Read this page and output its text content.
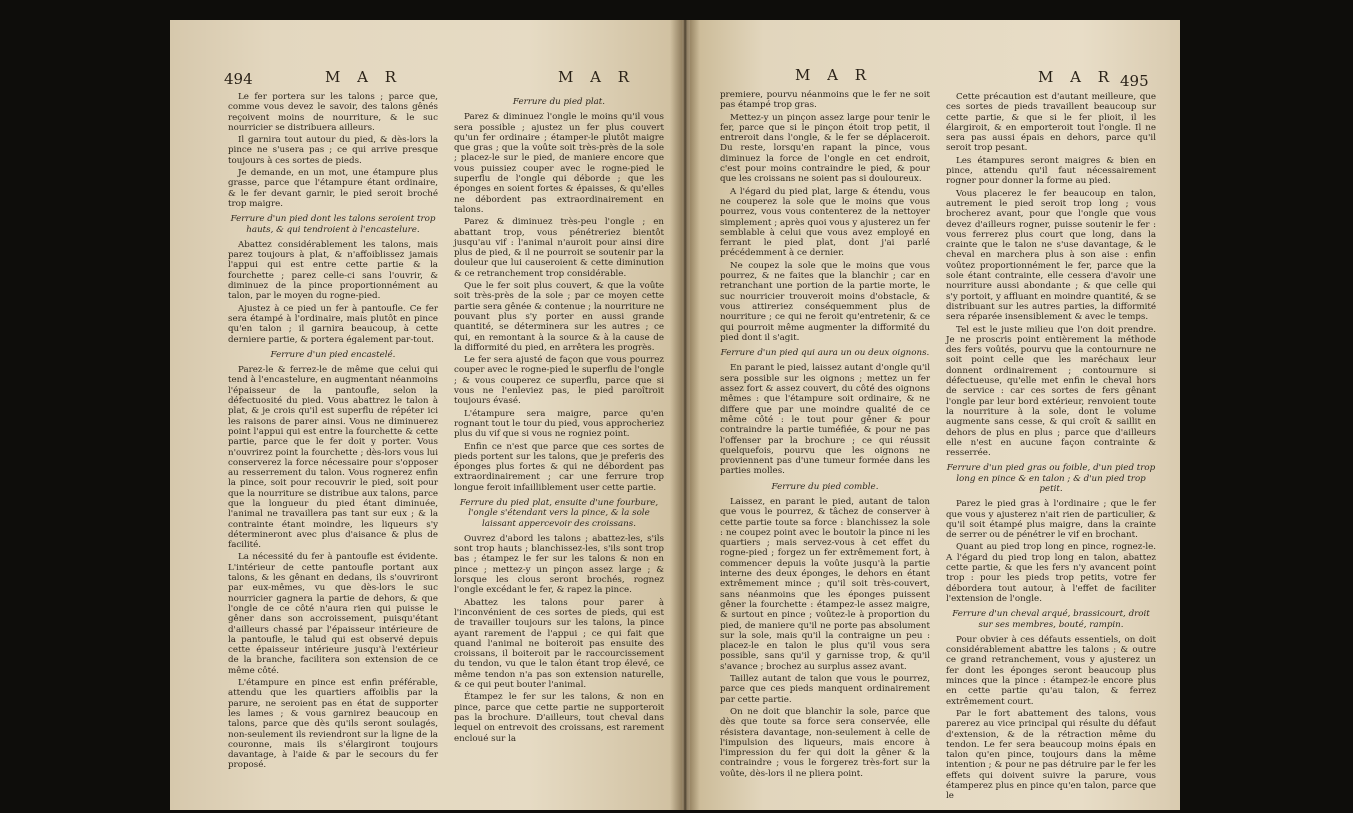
494	M A R	M A R

Le fer portera sur les talons ; parce que, comme vous devez le savoir, des talons gênés reçoivent moins de nourriture, & le suc nourricier se distribuera ailleurs.

Il garnira tout autour du pied, & dès-lors la pince ne s'usera pas ; ce qui arrive presque toujours à ces sortes de pieds.

Je demande, en un mot, une étampure plus grasse, parce que l'étampure étant ordinaire, & le fer devant garnir, le pied seroit broché trop maigre.

Ferrure d'un pied dont les talons seroient trop hauts, & qui tendroient à l'encastelure.

Abattez considérablement les talons, mais parez toujours à plat, & n'affoiblissez jamais l'appui qui est entre cette partie & la fourchette ; parez celle-ci sans l'ouvrir, & diminuez de la pince proportionnément au talon, par le moyen du rogne-pied.

Ajustez à ce pied un fer à pantoufle. Ce fer sera étampé à l'ordinaire, mais plutôt en pince qu'en talon ; il garnira beaucoup, à cette derniere partie, & portera également par-tout.

Ferrure d'un pied encastelé.

Parez-le & ferrez-le de même que celui qui tend à l'encastelure, en augmentant néanmoins l'épaisseur de la pantoufle, selon la défectuosité du pied. Vous abattrez le talon à plat, & je crois qu'il est superflu de répéter ici les raisons de parer ainsi. Vous ne diminuerez point l'appui qui est entre la fourchette & cette partie, parce que le fer doit y porter. Vous n'ouvrirez point la fourchette ; dès-lors vous lui conserverez la force nécessaire pour s'opposer au resserrement du talon. Vous rognerez enfin la pince, soit pour recouvrir le pied, soit pour que la nourriture se distribue aux talons, parce que la longueur du pied étant diminuée, l'animal ne travaillera pas tant sur eux ; & la contrainte étant moindre, les liqueurs s'y détermineront avec plus d'aisance & plus de facilité.

La nécessité du fer à pantoufle est évidente. L'intérieur de cette pantoufle portant aux talons, & les gênant en dedans, ils s'ouvriront par eux-mêmes, vu que dès-lors le suc nourricier gagnera la partie de dehors, & que l'ongle de ce côté n'aura rien qui puisse le gêner dans son accroissement, puisqu'étant d'ailleurs chassé par l'épaisseur intérieure de la pantoufle, le talud qui est observé depuis cette épaisseur intérieure jusqu'à l'extérieur de la branche, facilitera son extension de ce même côté.

L'étampure en pince est enfin préférable, attendu que les quartiers affoiblis par la parure, ne seroient pas en état de supporter les lames ; & vous garnirez beaucoup en talons, parce que dès qu'ils seront soulagés, non-seulement ils reviendront sur la ligne de la couronne, mais ils s'élargiront toujours davantage, à l'aide & par le secours du fer proposé.

Ferrure du pied plat.

Parez & diminuez l'ongle le moins qu'il vous sera possible ; ajustez un fer plus couvert qu'un fer ordinaire ; étamper-le plutôt maigre que gras ; que la voûte soit très-près de la sole ; placez-le sur le pied, de maniere encore que vous puissiez couper avec le rogne-pied le superflu de l'ongle qui déborde ; que les éponges en soient fortes & épaisses, & qu'elles ne débordent pas extraordinairement en talons.

Parez & diminuez très-peu l'ongle ; en abattant trop, vous pénétreriez bientôt jusqu'au vif : l'animal n'auroit pour ainsi dire plus de pied, & il ne pourroit se soutenir par la douleur que lui causeroient & cette diminution & ce retranchement trop considérable.

Que le fer soit plus couvert, & que la voûte soit très-près de la sole ; par ce moyen cette partie sera gênée & contenue ; la nourriture ne pouvant plus s'y porter en aussi grande quantité, se déterminera sur les autres ; ce qui, en remontant à la source & à la cause de la difformité du pied, en arrêtera les progrès.

Le fer sera ajusté de façon que vous pourrez couper avec le rogne-pied le superflu de l'ongle ; & vous couperez ce superflu, parce que si vous ne l'enleviez pas, le pied paroîtroit toujours évasé.

L'étampure sera maigre, parce qu'en rognant tout le tour du pied, vous approcheriez plus du vif que si vous ne rogniez point.

Enfin ce n'est que parce que ces sortes de pieds portent sur les talons, que je preferis des éponges plus fortes & qui ne débordent pas extraordinairement ; car une ferrure trop longue feroit infailliblement user cette partie.

Ferrure du pied plat, ensuite d'une fourbure, l'ongle s'étendant vers la pince, & la sole laissant appercevoir des croissans.

Ouvrez d'abord les talons ; abattez-les, s'ils sont trop hauts ; blanchissez-les, s'ils sont trop bas ; étampez le fer sur les talons & non en pince ; mettez-y un pinçon assez large ; & lorsque les clous seront brochés, rognez l'ongle excédant le fer, & rapez la pince.

Abattez les talons pour parer à l'inconvénient de ces sortes de pieds, qui est de travailler toujours sur les talons, la pince ayant rarement de l'appui ; ce qui fait que quand l'animal ne boiteroit pas ensuite des croissans, il boiteroit par le raccourcissement du tendon, vu que le talon étant trop élevé, ce même tendon n'a pas son extension naturelle, & ce qui peut bouter l'animal.

Étampez le fer sur les talons, & non en pince, parce que cette partie ne supporteroit pas la brochure. D'ailleurs, tout cheval dans lequel on entrevoit des croissans, est rarement encloué sur la

M A R	M A R 495

premiere, pourvu néanmoins que le fer ne soit pas étampé trop gras.

Mettez-y un pinçon assez large pour tenir le fer, parce que si le pinçon étoit trop petit, il entreroit dans l'ongle, & le fer se déplaceroit. Du reste, lorsqu'en rapant la pince, vous diminuez la force de l'ongle en cet endroit, c'est pour moins contraindre le pied, & pour que les croissans ne soient pas si douloureux.

A l'égard du pied plat, large & étendu, vous ne couperez la sole que le moins que vous pourrez, vous vous contenterez de la nettoyer simplement ; après quoi vous y ajusterez un fer semblable à celui que vous avez employé en ferrant le pied plat, dont j'ai parlé précédemment à ce dernier.

Ne coupez la sole que le moins que vous pourrez, & ne faites que la blanchir ; car en retranchant une portion de la partie morte, le suc nourricier trouveroit moins d'obstacle, & vous attireriez conséquemment plus de nourriture ; ce qui ne feroit qu'entretenir, & ce qui pourroit même augmenter la difformité du pied dont il s'agit.

Ferrure d'un pied qui aura un ou deux oignons.

En parant le pied, laissez autant d'ongle qu'il sera possible sur les oignons ; mettez un fer assez fort & assez couvert, du côté des oignons mêmes : que l'étampure soit ordinaire, & ne differe que par une moindre qualité de ce même côté : le tout pour gêner & pour contraindre la partie tuméfiée, & pour ne pas l'offenser par la brochure ; ce qui réussit quelquefois, pourvu que les oignons ne proviennent pas d'une tumeur formée dans les parties molles.

Ferrure du pied comble.

Laissez, en parant le pied, autant de talon que vous le pourrez, & tâchez de conserver à cette partie toute sa force : blanchissez la sole : ne coupez point avec le boutoir la pince ni les quartiers ; mais servez-vous à cet effet du rogne-pied ; forgez un fer extrêmement fort, à commencer depuis la voûte jusqu'à la partie interne des deux éponges, le dehors en étant extrêmement mince ; qu'il soit très-couvert, sans néanmoins que les éponges puissent gêner la fourchette : étampez-le assez maigre, & surtout en pince ; voûtez-le à proportion du pied, de maniere qu'il ne porte pas absolument sur la sole, mais qu'il la contraigne un peu : placez-le en talon le plus qu'il vous sera possible, sans qu'il y garnisse trop, & qu'il s'avance ; brochez au surplus assez avant.

Taillez autant de talon que vous le pourrez, parce que ces pieds manquent ordinairement par cette partie.

On ne doit que blanchir la sole, parce que dès que toute sa force sera conservée, elle résistera davantage, non-seulement à celle de l'impulsion des liqueurs, mais encore à l'impression du fer qui doit la gêner & la contraindre ; vous le forgerez très-fort sur la voûte, dès-lors il ne pliera point.

Cette précaution est d'autant meilleure, que ces sortes de pieds travaillent beaucoup sur cette partie, & que si le fer plioit, il les élargiroit, & en emporteroit tout l'ongle. Il ne sera pas aussi épais en dehors, parce qu'il seroit trop pesant.

Les étampures seront maigres & bien en pince, attendu qu'il faut nécessairement rogner pour donner la forme au pied.

Vous placerez le fer beaucoup en talon, autrement le pied seroit trop long ; vous brocherez avant, pour que l'ongle que vous devez d'ailleurs rogner, puisse soutenir le fer : vous ferrerez plus court que long, dans la crainte que le talon ne s'use davantage, & le cheval en marchera plus à son aise : enfin voûtez proportionnément le fer, parce que la sole étant contrainte, elle cessera d'avoir une nourriture aussi abondante ; & que celle qui s'y portoit, y affluant en moindre quantité, & se distribuant sur les autres parties, la difformité sera réparée insensiblement & avec le temps.

Tel est le juste milieu que l'on doit prendre. Je ne proscris point entièrement la méthode des fers voûtés, pourvu que la contournure ne soit point celle que les maréchaux leur donnent ordinairement ; contournure si défectueuse, qu'elle met enfin le cheval hors de service : car ces sortes de fers gênant l'ongle par leur bord extérieur, renvoient toute la nourriture à la sole, dont le volume augmente sans cesse, & qui croît & saillit en dehors de plus en plus ; parce que d'ailleurs elle n'est en aucune façon contrainte & resserrée.

Ferrure d'un pied gras ou foible, d'un pied trop long en pince & en talon ; & d'un pied trop petit.

Parez le pied gras à l'ordinaire ; que le fer que vous y ajusterez n'ait rien de particulier, & qu'il soit étampé plus maigre, dans la crainte de serrer ou de pénétrer le vif en brochant.

Quant au pied trop long en pince, rognez-le. A l'égard du pied trop long en talon, abattez cette partie, & que les fers n'y avancent point trop : pour les pieds trop petits, votre fer débordera tout autour, à l'effet de faciliter l'extension de l'ongle.

Ferrure d'un cheval arqué, brassicourt, droit sur ses membres, bouté, rampin.

Pour obvier à ces défauts essentiels, on doit considérablement abattre les talons ; & outre ce grand retranchement, vous y ajusterez un fer dont les éponges seront beaucoup plus minces que la pince : étampez-le encore plus en cette partie qu'au talon, & ferrez extrêmement court.

Par le fort abattement des talons, vous parerez au vice principal qui résulte du défaut d'extension, & de la rétraction même du tendon. Le fer sera beaucoup moins épais en talon qu'en pince, toujours dans la même intention ; & pour ne pas détruire par le fer les effets qui doivent suivre la parure, vous étamperez plus en pince qu'en talon, parce que le
